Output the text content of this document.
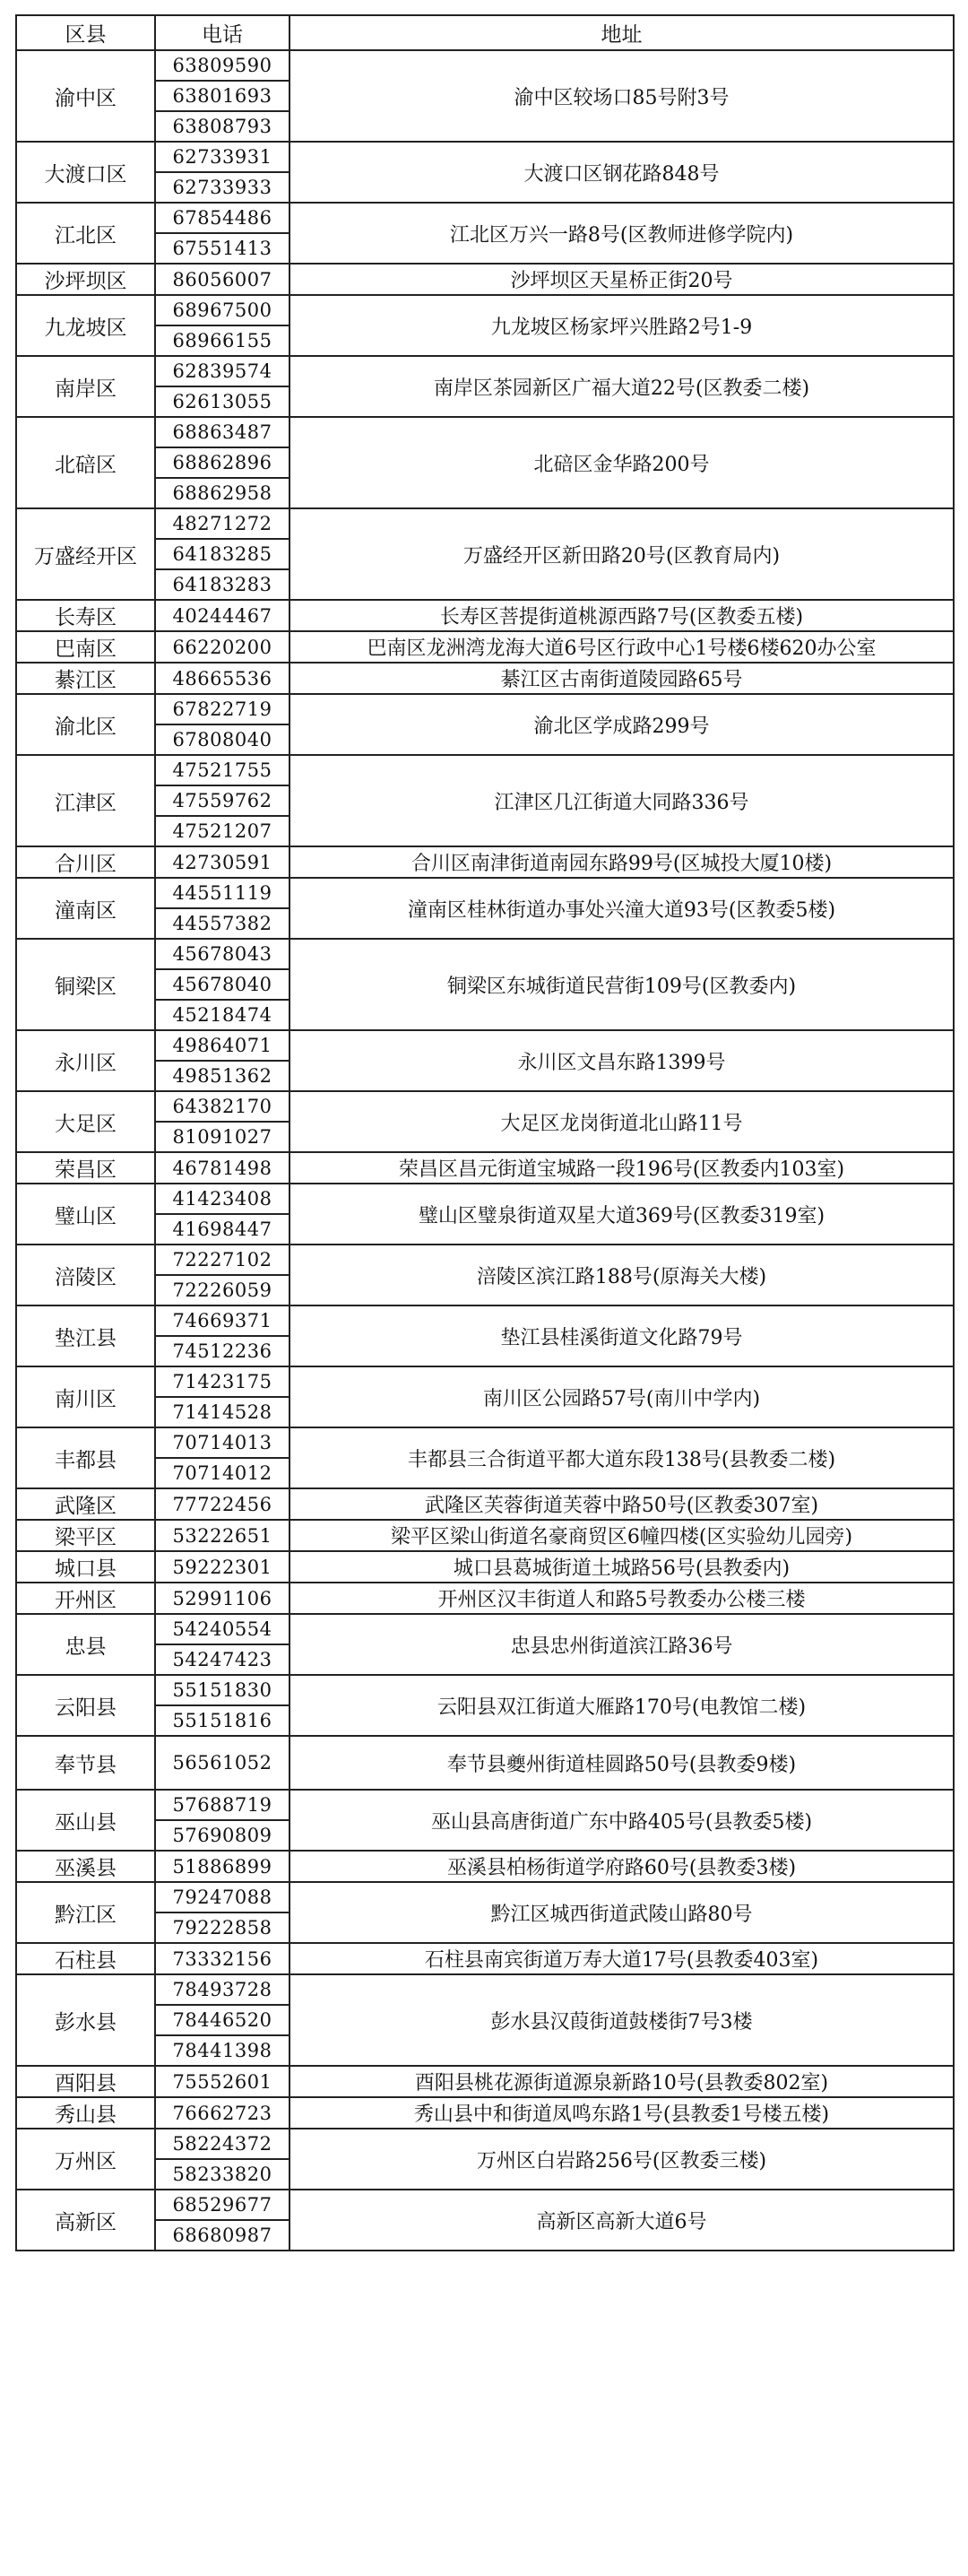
区县	电话	地址
渝中区	63809590	渝中区较场口85号附3号
	63801693	
	63808793	
大渡口区	62733931	大渡口区钢花路848号
	62733933	
江北区	67854486	江北区万兴一路8号(区教师进修学院内)
	67551413	
沙坪坝区	86056007	沙坪坝区天星桥正街20号
九龙坡区	68967500	九龙坡区杨家坪兴胜路2号1-9
	68966155	
南岸区	62839574	南岸区茶园新区广福大道22号(区教委二楼)
	62613055	
北碚区	68863487	北碚区金华路200号
	68862896	
	68862958	
万盛经开区	48271272	万盛经开区新田路20号(区教育局内)
	64183285	
	64183283	
长寿区	40244467	长寿区菩提街道桃源西路7号(区教委五楼)
巴南区	66220200	巴南区龙洲湾龙海大道6号区行政中心1号楼6楼620办公室
綦江区	48665536	綦江区古南街道陵园路65号
渝北区	67822719	渝北区学成路299号
	67808040	
江津区	47521755	江津区几江街道大同路336号
	47559762	
	47521207	
合川区	42730591	合川区南津街道南园东路99号(区城投大厦10楼)
潼南区	44551119	潼南区桂林街道办事处兴潼大道93号(区教委5楼)
	44557382	
铜梁区	45678043	铜梁区东城街道民营街109号(区教委内)
	45678040	
	45218474	
永川区	49864071	永川区文昌东路1399号
	49851362	
大足区	64382170	大足区龙岗街道北山路11号
	81091027	
荣昌区	46781498	荣昌区昌元街道宝城路一段196号(区教委内103室)
璧山区	41423408	璧山区璧泉街道双星大道369号(区教委319室)
	41698447	
涪陵区	72227102	涪陵区滨江路188号(原海关大楼)
	72226059	
垫江县	74669371	垫江县桂溪街道文化路79号
	74512236	
南川区	71423175	南川区公园路57号(南川中学内)
	71414528	
丰都县	70714013	丰都县三合街道平都大道东段138号(县教委二楼)
	70714012	
武隆区	77722456	武隆区芙蓉街道芙蓉中路50号(区教委307室)
梁平区	53222651	梁平区梁山街道名豪商贸区6幢四楼(区实验幼儿园旁)
城口县	59222301	城口县葛城街道土城路56号(县教委内)
开州区	52991106	开州区汉丰街道人和路5号教委办公楼三楼
忠县	54240554	忠县忠州街道滨江路36号
	54247423	
云阳县	55151830	云阳县双江街道大雁路170号(电教馆二楼)
	55151816	
奉节县	56561052	奉节县夔州街道桂圆路50号(县教委9楼)
巫山县	57688719	巫山县高唐街道广东中路405号(县教委5楼)
	57690809	
巫溪县	51886899	巫溪县柏杨街道学府路60号(县教委3楼)
黔江区	79247088	黔江区城西街道武陵山路80号
	79222858	
石柱县	73332156	石柱县南宾街道万寿大道17号(县教委403室)
彭水县	78493728	彭水县汉葭街道鼓楼街7号3楼
	78446520	
	78441398	
酉阳县	75552601	酉阳县桃花源街道源泉新路10号(县教委802室)
秀山县	76662723	秀山县中和街道凤鸣东路1号(县教委1号楼五楼)
万州区	58224372	万州区白岩路256号(区教委三楼)
	58233820	
高新区	68529677	高新区高新大道6号
	68680987	
